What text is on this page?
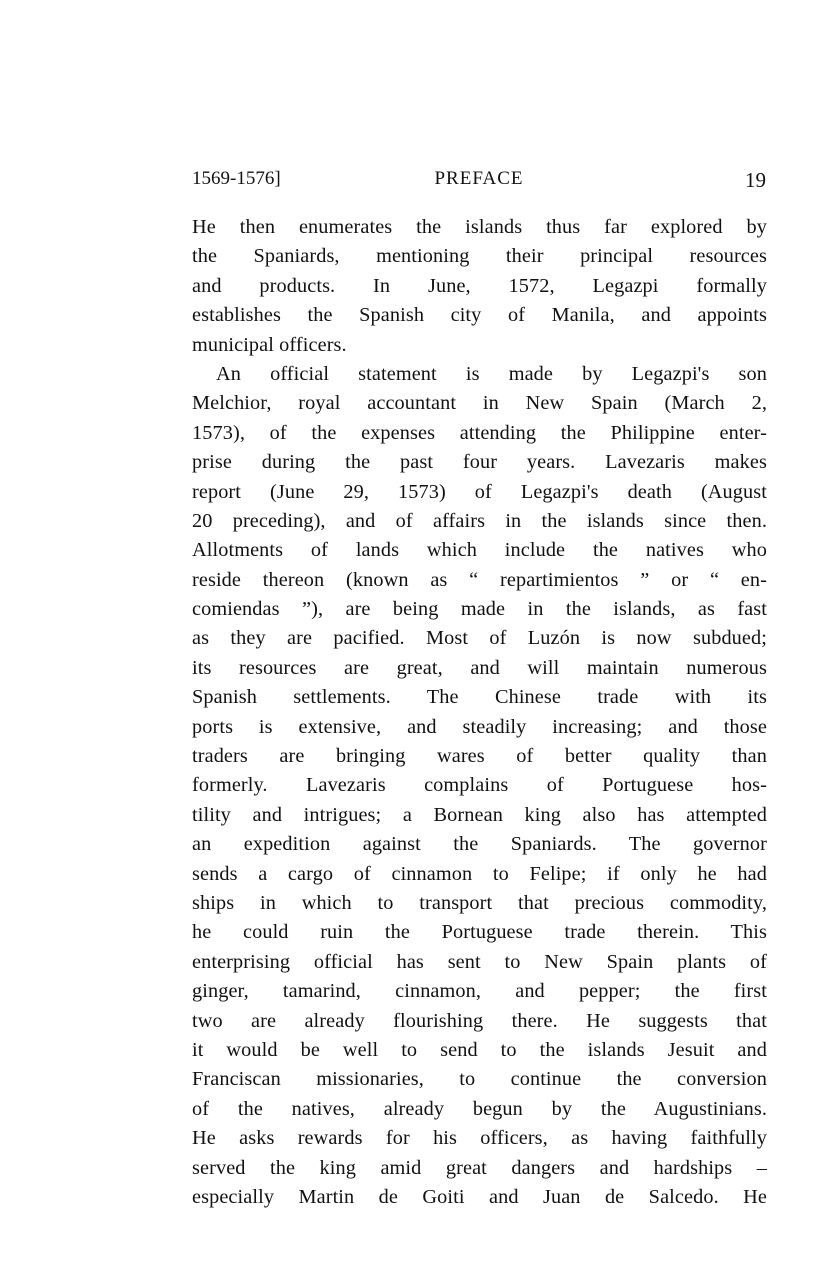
1569-1576]	PREFACE	19
He then enumerates the islands thus far explored by
the Spaniards, mentioning their principal resources
and products. In June, 1572, Legazpi formally
establishes the Spanish city of Manila, and appoints
municipal officers.
An official statement is made by Legazpi's son
Melchior, royal accountant in New Spain (March 2,
1573), of the expenses attending the Philippine enter-
prise during the past four years. Lavezaris makes
report (June 29, 1573) of Legazpi's death (August
20 preceding), and of affairs in the islands since then.
Allotments of lands which include the natives who
reside thereon (known as “ repartimientos ” or “ en-
comiendas ”), are being made in the islands, as fast
as they are pacified. Most of Luzón is now subdued;
its resources are great, and will maintain numerous
Spanish settlements. The Chinese trade with its
ports is extensive, and steadily increasing; and those
traders are bringing wares of better quality than
formerly. Lavezaris complains of Portuguese hos-
tility and intrigues; a Bornean king also has attempted
an expedition against the Spaniards. The governor
sends a cargo of cinnamon to Felipe; if only he had
ships in which to transport that precious commodity,
he could ruin the Portuguese trade therein. This
enterprising official has sent to New Spain plants of
ginger, tamarind, cinnamon, and pepper; the first
two are already flourishing there. He suggests that
it would be well to send to the islands Jesuit and
Franciscan missionaries, to continue the conversion
of the natives, already begun by the Augustinians.
He asks rewards for his officers, as having faithfully
served the king amid great dangers and hardships –
especially Martin de Goiti and Juan de Salcedo. He
